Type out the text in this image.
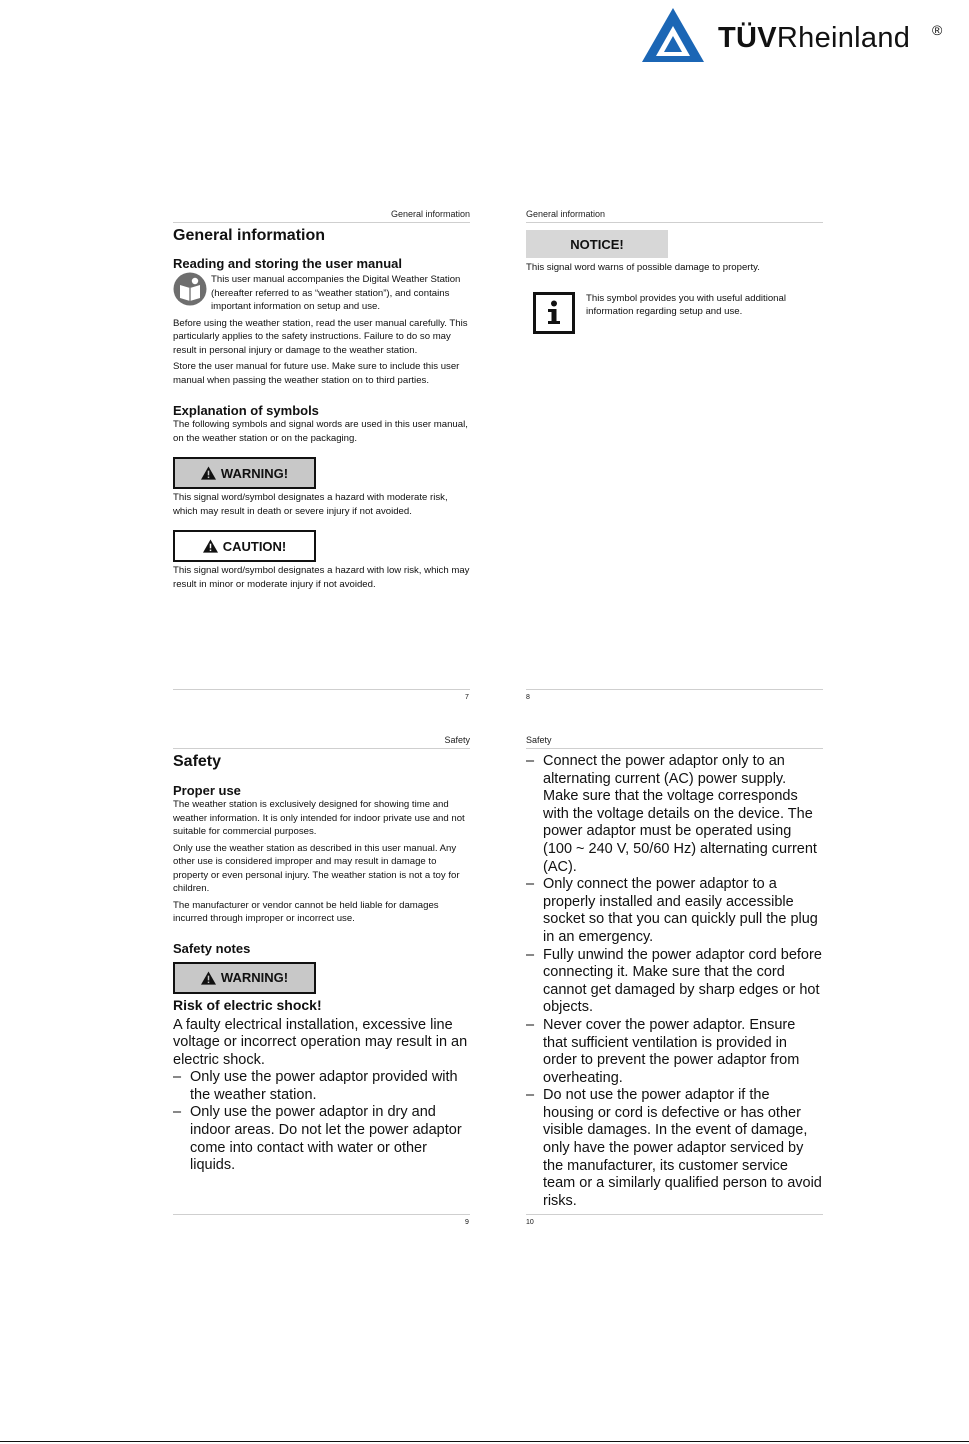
TÜVRheinland ®
General information
General information
Reading and storing the user manual

This user manual accompanies the Digital Weather Station (hereafter referred to as “weather station”), and contains important information on setup and use.

Before using the weather station, read the user manual carefully. This particularly applies to the safety instructions. Failure to do so may result in personal injury or damage to the weather station.

Store the user manual for future use. Make sure to include this user manual when passing the weather station on to third parties.

Explanation of symbols

The following symbols and signal words are used in this user manual, on the weather station or on the packaging.

WARNING!

This signal word/symbol designates a hazard with moderate risk, which may result in death or severe injury if not avoided.

CAUTION!

This signal word/symbol designates a hazard with low risk, which may result in minor or moderate injury if not avoided.

7
General information
NOTICE!

This signal word warns of possible damage to property.

This symbol provides you with useful additional information regarding setup and use.

8
Safety
Safety
Proper use

The weather station is exclusively designed for showing time and weather information. It is only intended for indoor private use and not suitable for commercial purposes.

Only use the weather station as described in this user manual. Any other use is considered improper and may result in damage to property or even personal injury. The weather station is not a toy for children.

The manufacturer or vendor cannot be held liable for damages incurred through improper or incorrect use.

Safety notes
WARNING!
Risk of electric shock!

A faulty electrical installation, excessive line voltage or incorrect operation may result in an electric shock.

– Only use the power adaptor provided with the weather station.
– Only use the power adaptor in dry and indoor areas. Do not let the power adaptor come into contact with water or other liquids.
9
Safety
– Connect the power adaptor only to an alternating current (AC) power supply. Make sure that the voltage corresponds with the voltage details on the device. The power adaptor must be operated using (100 ~ 240 V, 50/60 Hz) alternating current (AC).
– Only connect the power adaptor to a properly installed and easily accessible socket so that you can quickly pull the plug in an emergency.
– Fully unwind the power adaptor cord before connecting it. Make sure that the cord cannot get damaged by sharp edges or hot objects.
– Never cover the power adaptor. Ensure that sufficient ventilation is provided in order to prevent the power adaptor from overheating.
– Do not use the power adaptor if the housing or cord is defective or has other visible damages. In the event of damage, only have the power adaptor serviced by the manufacturer, its customer service team or a similarly qualified person to avoid risks.
10
